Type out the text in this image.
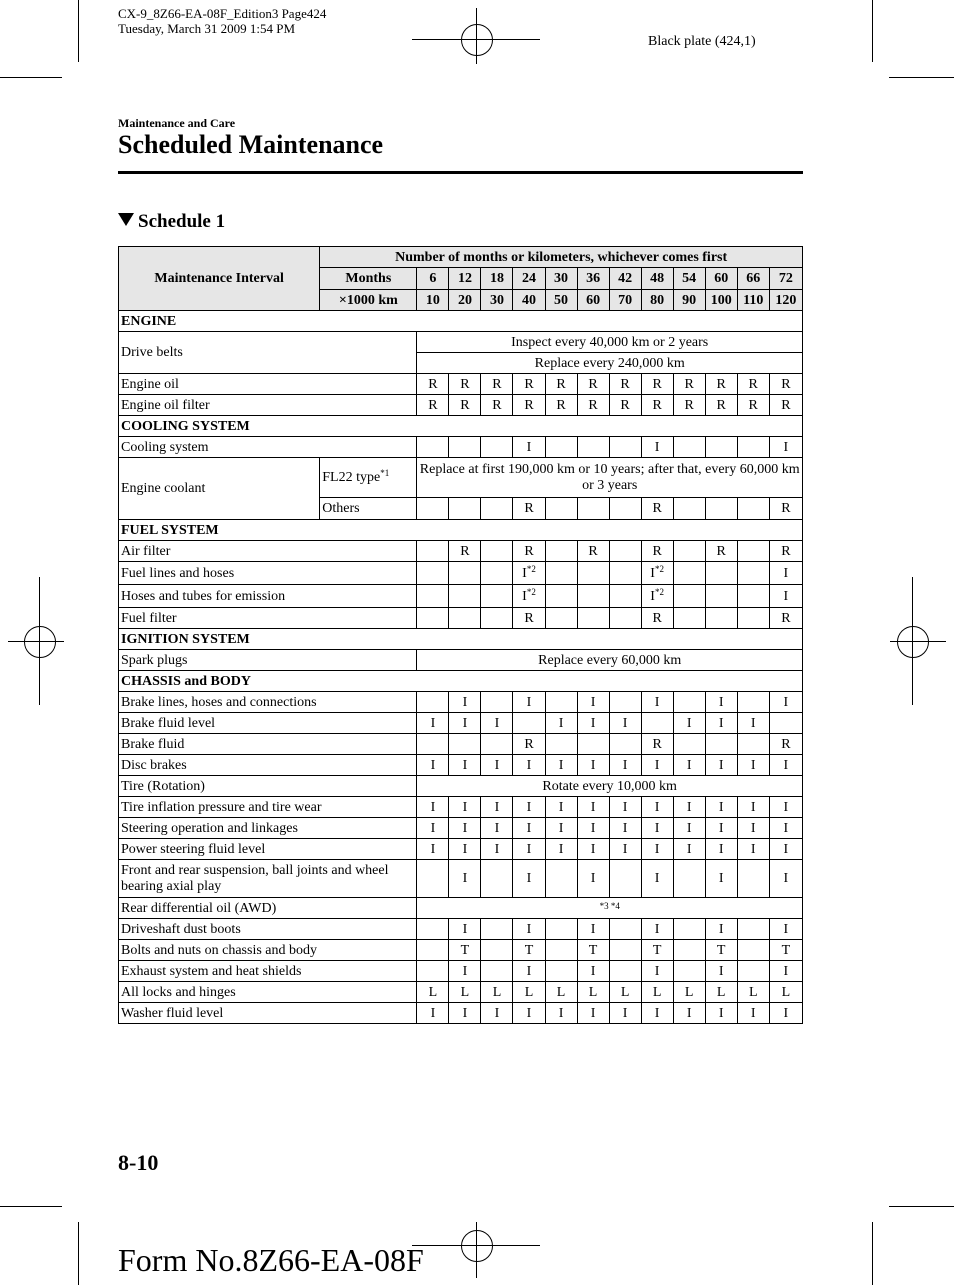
CX-9_8Z66-EA-08F_Edition3 Page424
Tuesday, March 31 2009 1:54 PM
Black plate (424,1)
Maintenance and Care
Scheduled Maintenance
Schedule 1
Maintenance Interval	Number of months or kilometers, whichever comes first												
	Months	6	12	18	24	30	36	42	48	54	60	66	72
	×1000 km	10	20	30	40	50	60	70	80	90	100	110	120
ENGINE													
Drive belts		Inspect every 40,000 km or 2 years											
		Replace every 240,000 km											
Engine oil		R	R	R	R	R	R	R	R	R	R	R	R
Engine oil filter		R	R	R	R	R	R	R	R	R	R	R	R
COOLING SYSTEM													
Cooling system					I				I				I
Engine coolant	FL22 type$^{*1}$	Replace at first 190,000 km or 10 years; after that, every 60,000 km or 3 years											
	Others				R				R				R
FUEL SYSTEM													
Air filter			R		R		R		R		R		R
Fuel lines and hoses					$I^{*2}$				$I^{*2}$				I
Hoses and tubes for emission					$I^{*2}$				$I^{*2}$				I
Fuel filter					R				R				R
IGNITION SYSTEM													
Spark plugs		Replace every 60,000 km											
CHASSIS and BODY													
Brake lines, hoses and connections			I		I		I		I		I		I
Brake fluid level		I	I	I		I	I	I		I	I	I	
Brake fluid					R				R				R
Disc brakes		I	I	I	I	I	I	I	I	I	I	I	I
Tire (Rotation)		Rotate every 10,000 km											
Tire inflation pressure and tire wear		I	I	I	I	I	I	I	I	I	I	I	I
Steering operation and linkages		I	I	I	I	I	I	I	I	I	I	I	I
Power steering fluid level		I	I	I	I	I	I	I	I	I	I	I	I
Front and rear suspension, ball joints and wheel bearing axial play			I		I		I		I		I		I
Rear differential oil (AWD)		*3 *4											
Driveshaft dust boots			I		I		I		I		I		I
Bolts and nuts on chassis and body			T		T		T		T		T		T
Exhaust system and heat shields			I		I		I		I		I		I
All locks and hinges		L	L	L	L	L	L	L	L	L	L	L	L
Washer fluid level		I	I	I	I	I	I	I	I	I	I	I	I
8-10
Form No.8Z66-EA-08F
